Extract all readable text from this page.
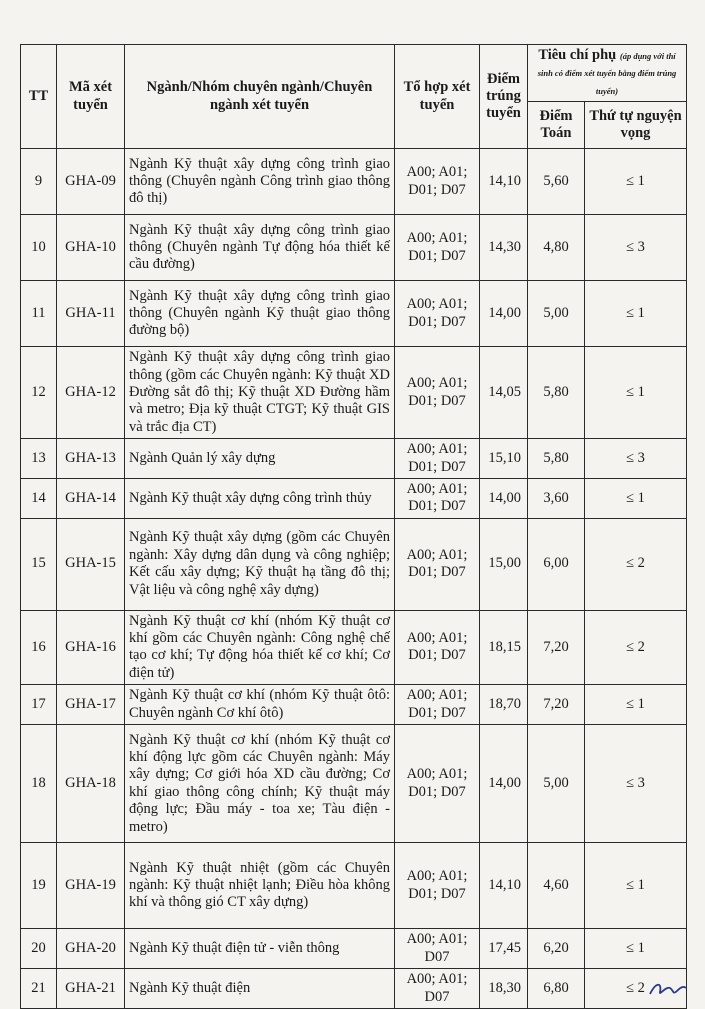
TT	Mã xét tuyển	Ngành/Nhóm chuyên ngành/Chuyên ngành xét tuyển	Tổ hợp xét tuyển	Điểm trúng tuyển	Tiêu chí phụ (áp dụng với thí sinh có điểm xét tuyển bằng điểm trúng tuyển)	
					Điểm Toán	Thứ tự nguyện vọng
9	GHA-09	Ngành Kỹ thuật xây dựng công trình giao thông (Chuyên ngành Công trình giao thông đô thị)	A00; A01; D01; D07	14,10	5,60	≤ 1
10	GHA-10	Ngành Kỹ thuật xây dựng công trình giao thông (Chuyên ngành Tự động hóa thiết kế cầu đường)	A00; A01; D01; D07	14,30	4,80	≤ 3
11	GHA-11	Ngành Kỹ thuật xây dựng công trình giao thông (Chuyên ngành Kỹ thuật giao thông đường bộ)	A00; A01; D01; D07	14,00	5,00	≤ 1
12	GHA-12	Ngành Kỹ thuật xây dựng công trình giao thông (gồm các Chuyên ngành: Kỹ thuật XD Đường sắt đô thị; Kỹ thuật XD Đường hầm và metro; Địa kỹ thuật CTGT; Kỹ thuật GIS và trắc địa CT)	A00; A01; D01; D07	14,05	5,80	≤ 1
13	GHA-13	Ngành Quản lý xây dựng	A00; A01; D01; D07	15,10	5,80	≤ 3
14	GHA-14	Ngành Kỹ thuật xây dựng công trình thủy	A00; A01; D01; D07	14,00	3,60	≤ 1
15	GHA-15	Ngành Kỹ thuật xây dựng (gồm các Chuyên ngành: Xây dựng dân dụng và công nghiệp; Kết cấu xây dựng; Kỹ thuật hạ tầng đô thị; Vật liệu và công nghệ xây dựng)	A00; A01; D01; D07	15,00	6,00	≤ 2
16	GHA-16	Ngành Kỹ thuật cơ khí (nhóm Kỹ thuật cơ khí gồm các Chuyên ngành: Công nghệ chế tạo cơ khí; Tự động hóa thiết kế cơ khí; Cơ điện tử)	A00; A01; D01; D07	18,15	7,20	≤ 2
17	GHA-17	Ngành Kỹ thuật cơ khí (nhóm Kỹ thuật ôtô: Chuyên ngành Cơ khí ôtô)	A00; A01; D01; D07	18,70	7,20	≤ 1
18	GHA-18	Ngành Kỹ thuật cơ khí (nhóm Kỹ thuật cơ khí động lực gồm các Chuyên ngành: Máy xây dựng; Cơ giới hóa XD cầu đường; Cơ khí giao thông công chính; Kỹ thuật máy động lực; Đầu máy - toa xe; Tàu điện - metro)	A00; A01; D01; D07	14,00	5,00	≤ 3
19	GHA-19	Ngành Kỹ thuật nhiệt (gồm các Chuyên ngành: Kỹ thuật nhiệt lạnh; Điều hòa không khí và thông gió CT xây dựng)	A00; A01; D01; D07	14,10	4,60	≤ 1
20	GHA-20	Ngành Kỹ thuật điện tử - viễn thông	A00; A01; D07	17,45	6,20	≤ 1
21	GHA-21	Ngành Kỹ thuật điện	A00; A01; D07	18,30	6,80	≤ 2
